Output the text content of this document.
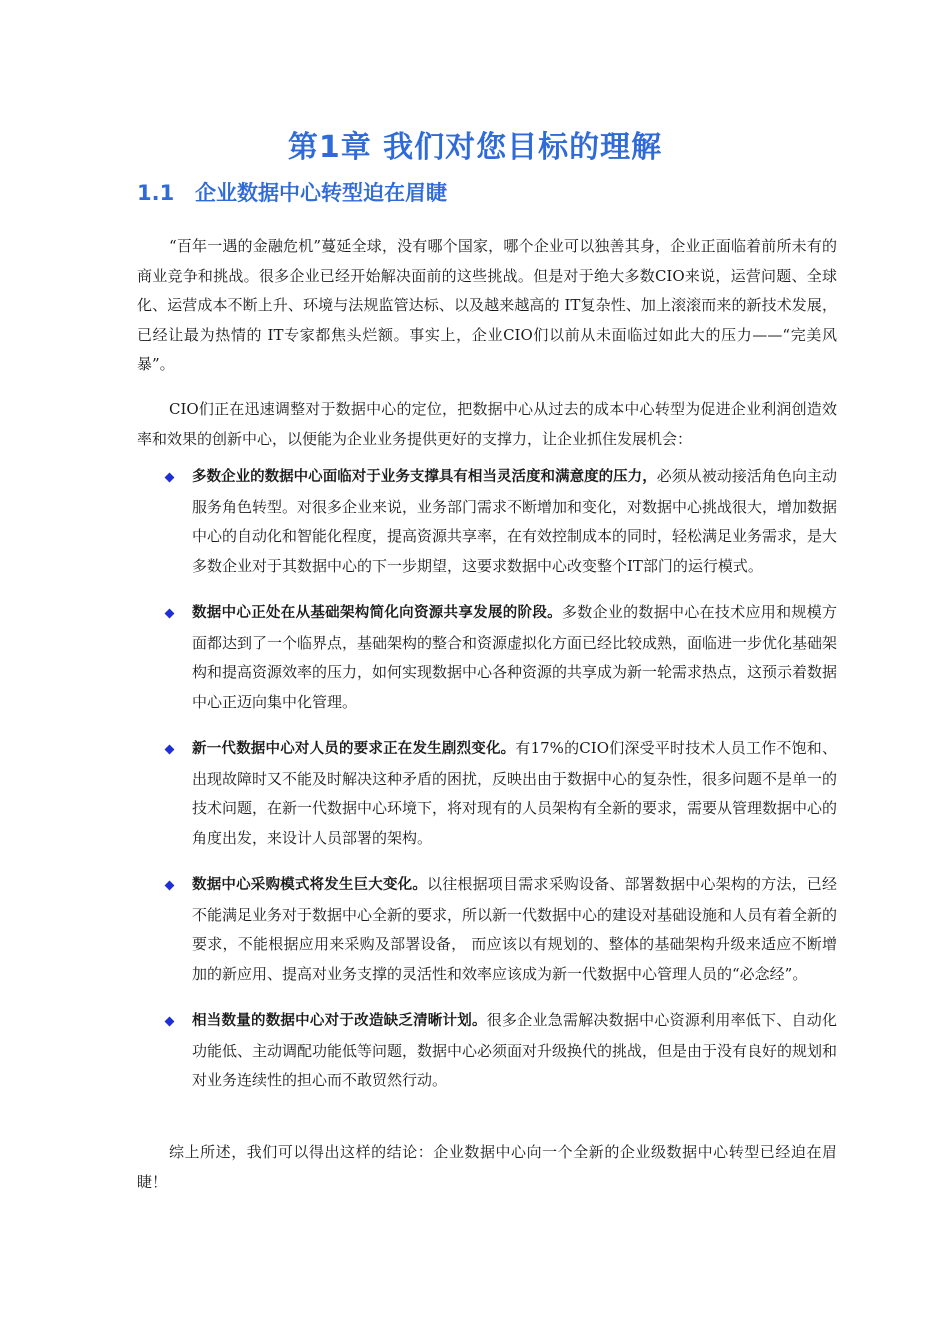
第1章 我们对您目标的理解
1.1 企业数据中心转型迫在眉睫

“百年一遇的金融危机”蔓延全球，没有哪个国家，哪个企业可以独善其身，企业正面临着前所未有的商业竞争和挑战。很多企业已经开始解决面前的这些挑战。但是对于绝大多数CIO来说，运营问题、全球化、运营成本不断上升、环境与法规监管达标、以及越来越高的 IT复杂性、加上滚滚而来的新技术发展，已经让最为热情的 IT专家都焦头烂额。事实上，企业CIO们以前从未面临过如此大的压力——“完美风暴”。

CIO们正在迅速调整对于数据中心的定位，把数据中心从过去的成本中心转型为促进企业利润创造效率和效果的创新中心，以便能为企业业务提供更好的支撑力，让企业抓住发展机会：

多数企业的数据中心面临对于业务支撑具有相当灵活度和满意度的压力，必须从被动接活角色向主动服务角色转型。对很多企业来说，业务部门需求不断增加和变化，对数据中心挑战很大，增加数据中心的自动化和智能化程度，提高资源共享率，在有效控制成本的同时，轻松满足业务需求，是大多数企业对于其数据中心的下一步期望，这要求数据中心改变整个IT部门的运行模式。
数据中心正处在从基础架构简化向资源共享发展的阶段。多数企业的数据中心在技术应用和规模方面都达到了一个临界点，基础架构的整合和资源虚拟化方面已经比较成熟，面临进一步优化基础架构和提高资源效率的压力，如何实现数据中心各种资源的共享成为新一轮需求热点，这预示着数据中心正迈向集中化管理。
新一代数据中心对人员的要求正在发生剧烈变化。有17%的CIO们深受平时技术人员工作不饱和、出现故障时又不能及时解决这种矛盾的困扰，反映出由于数据中心的复杂性，很多问题不是单一的技术问题，在新一代数据中心环境下，将对现有的人员架构有全新的要求，需要从管理数据中心的角度出发，来设计人员部署的架构。
数据中心采购模式将发生巨大变化。以往根据项目需求采购设备、部署数据中心架构的方法，已经不能满足业务对于数据中心全新的要求，所以新一代数据中心的建设对基础设施和人员有着全新的要求，不能根据应用来采购及部署设备， 而应该以有规划的、整体的基础架构升级来适应不断增加的新应用、提高对业务支撑的灵活性和效率应该成为新一代数据中心管理人员的“必念经”。
相当数量的数据中心对于改造缺乏清晰计划。很多企业急需解决数据中心资源利用率低下、自动化功能低、主动调配功能低等问题，数据中心必须面对升级换代的挑战，但是由于没有良好的规划和对业务连续性的担心而不敢贸然行动。

综上所述，我们可以得出这样的结论：企业数据中心向一个全新的企业级数据中心转型已经迫在眉睫！
